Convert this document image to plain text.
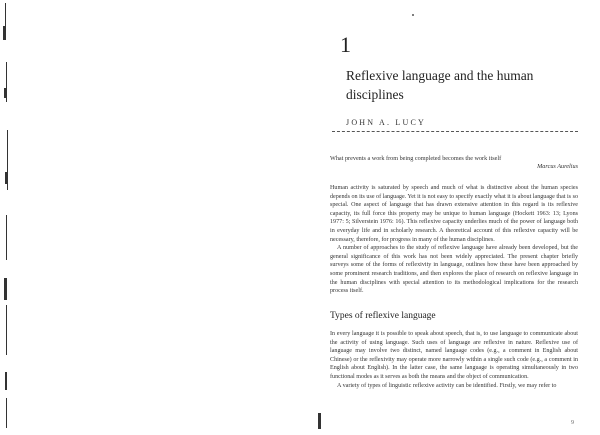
1
Reflexive language and the human disciplines
JOHN A. LUCY
What prevents a work from being completed becomes the work itself
Marcus Aurelius

Human activity is saturated by speech and much of what is distinctive about the human species depends on its use of language. Yet it is not easy to specify exactly what it is about language that is so special. One aspect of language that has drawn extensive attention in this regard is its reflexive capacity, its full force this property may be unique to human language (Hockett 1963: 13; Lyons 1977: 5; Silverstein 1976: 16). This reflexive capacity underlies much of the power of language both in everyday life and in scholarly research. A theoretical account of this reflexive capacity will be necessary, therefore, for progress in many of the human disciplines.

A number of approaches to the study of reflexive language have already been developed, but the general significance of this work has not been widely appreciated. The present chapter briefly surveys some of the forms of reflexivity in language, outlines how these have been approached by some prominent research traditions, and then explores the place of research on reflexive language in the human disciplines with special attention to its methodological implications for the research process itself.

Types of reflexive language

In every language it is possible to speak about speech, that is, to use language to communicate about the activity of using language. Such uses of language are reflexive in nature. Reflexive use of language may involve two distinct, named language codes (e.g., a comment in English about Chinese) or the reflexivity may operate more narrowly within a single such code (e.g., a comment in English about English). In the latter case, the same language is operating simultaneously in two functional modes as it serves as both the means and the object of communication.

A variety of types of linguistic reflexive activity can be identified. Firstly, we may refer to

9
